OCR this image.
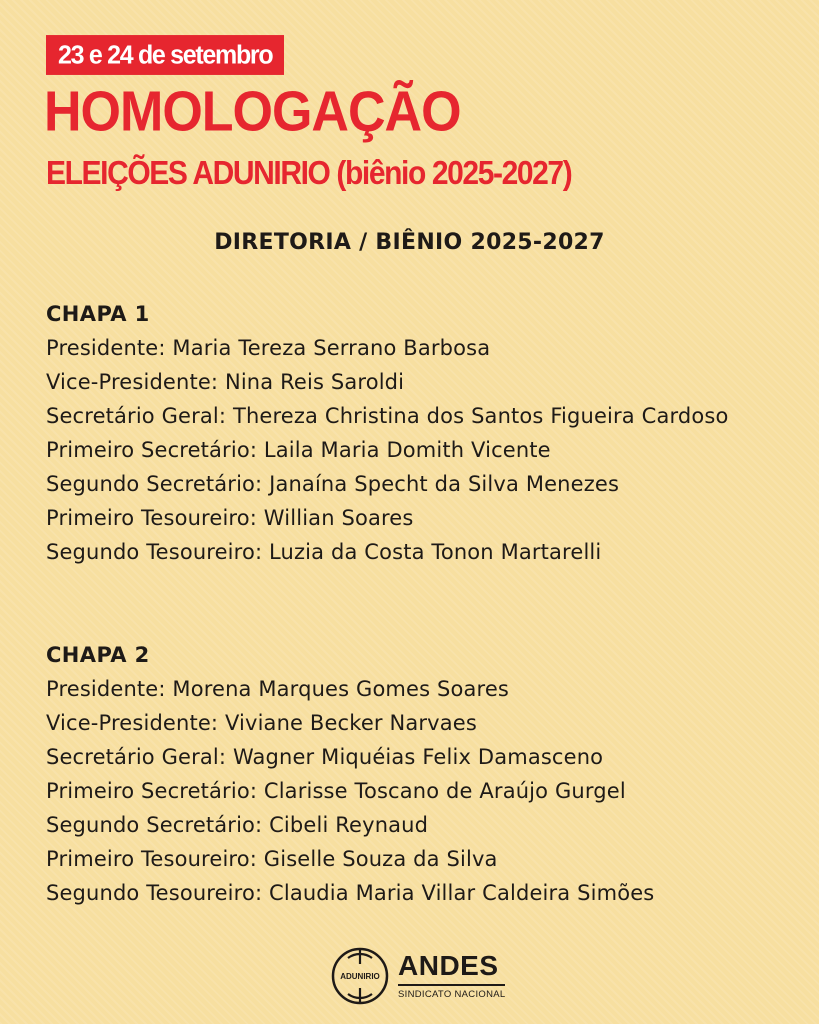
23 e 24 de setembro
HOMOLOGAÇÃO
ELEIÇÕES ADUNIRIO (biênio 2025-2027)
DIRETORIA / BIÊNIO 2025-2027
CHAPA 1
Presidente: Maria Tereza Serrano Barbosa
Vice-Presidente: Nina Reis Saroldi
Secretário Geral: Thereza Christina dos Santos Figueira Cardoso
Primeiro Secretário: Laila Maria Domith Vicente
Segundo Secretário: Janaína Specht da Silva Menezes
Primeiro Tesoureiro: Willian Soares
Segundo Tesoureiro: Luzia da Costa Tonon Martarelli
CHAPA 2
Presidente: Morena Marques Gomes Soares
Vice-Presidente: Viviane Becker Narvaes
Secretário Geral: Wagner Miquéias Felix Damasceno
Primeiro Secretário: Clarisse Toscano de Araújo Gurgel
Segundo Secretário: Cibeli Reynaud
Primeiro Tesoureiro: Giselle Souza da Silva
Segundo Tesoureiro: Claudia Maria Villar Caldeira Simões
ADUNIRIO ANDES
SINDICATO NACIONAL
